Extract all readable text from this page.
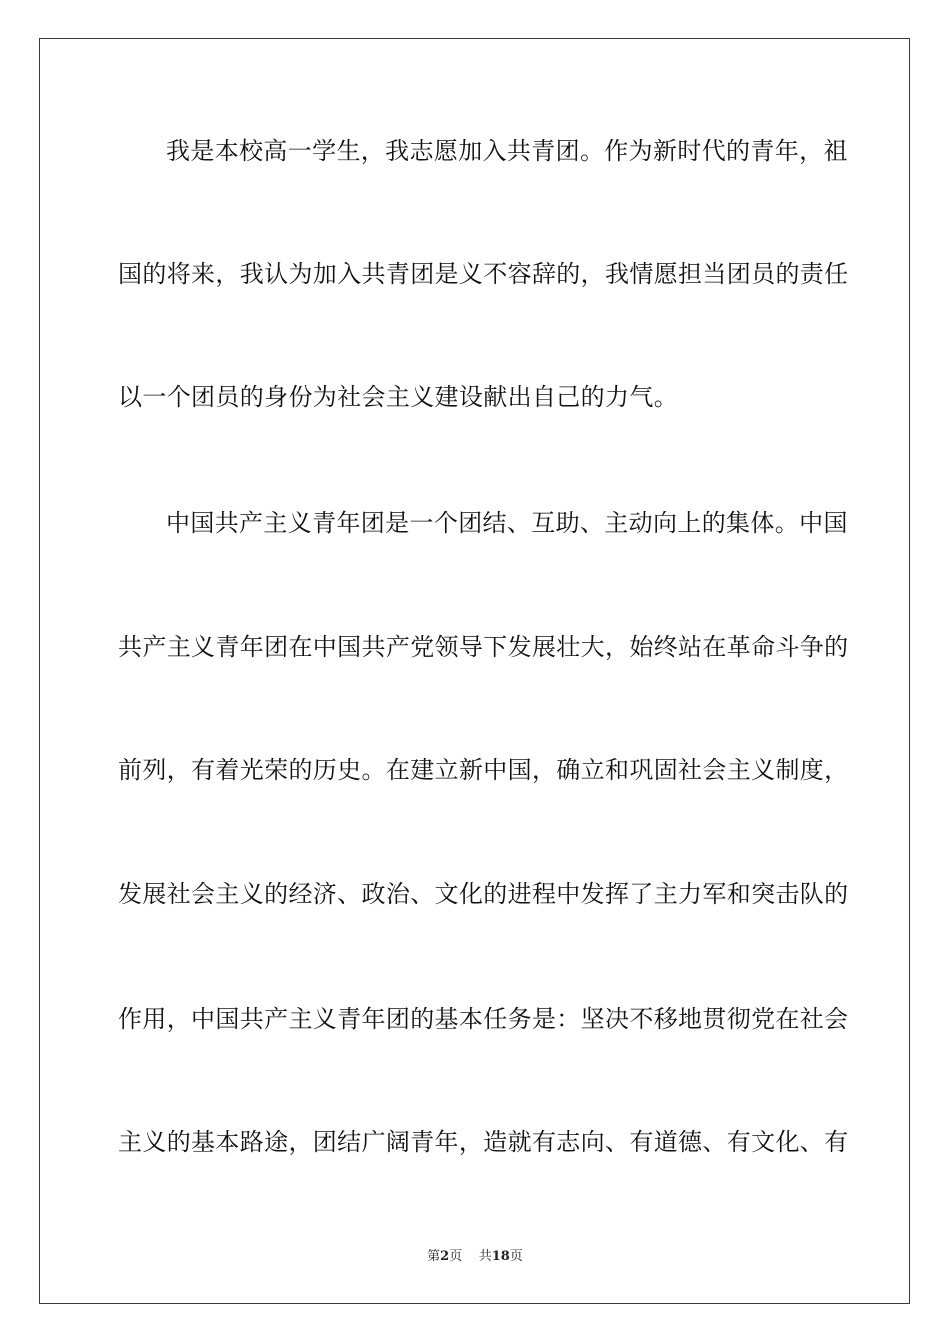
我是本校高一学生，我志愿加入共青团。作为新时代的青年，祖
国的将来，我认为加入共青团是义不容辞的，我情愿担当团员的责任
以一个团员的身份为社会主义建设献出自己的力气。
中国共产主义青年团是一个团结、互助、主动向上的集体。中国
共产主义青年团在中国共产党领导下发展壮大，始终站在革命斗争的
前列，有着光荣的历史。在建立新中国，确立和巩固社会主义制度，
发展社会主义的经济、政治、文化的进程中发挥了主力军和突击队的
作用，中国共产主义青年团的基本任务是：坚决不移地贯彻党在社会
主义的基本路途，团结广阔青年，造就有志向、有道德、有文化、有
第2页 共18页
